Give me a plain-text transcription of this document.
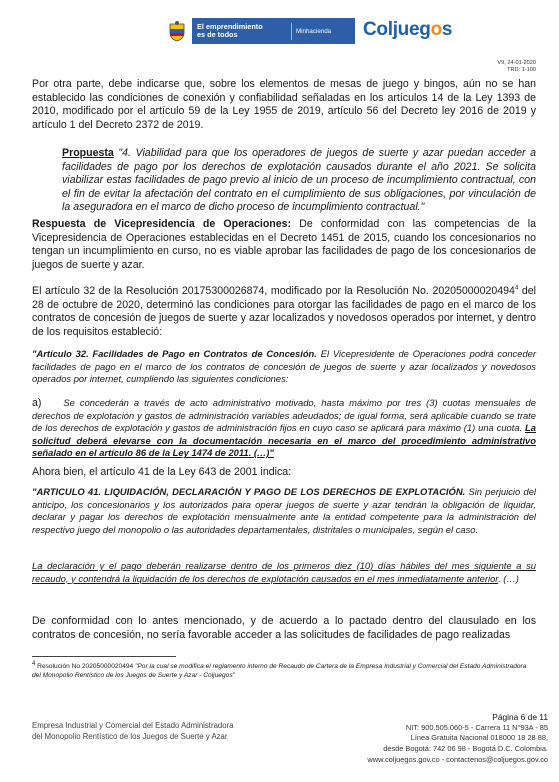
El emprendimiento
es de todos	Minhacienda Coljuegos
V9, 24-01-2020
TRD: 1-100
Por otra parte, debe indicarse que, sobre los elementos de mesas de juego y bingos, aún no se han establecido las condiciones de conexión y confiabilidad señaladas en los artículos 14 de la Ley 1393 de 2010, modificado por el artículo 59 de la Ley 1955 de 2019, artículo 56 del Decreto ley 2016 de 2019 y artículo 1 del Decreto 2372 de 2019.
Propuesta "4. Viabilidad para que los operadores de juegos de suerte y azar puedan acceder a facilidades de pago por los derechos de explotación causados durante el año 2021. Se solicita viabilizar estas facilidades de pago previo al inicio de un proceso de incumplimiento contractual, con el fin de evitar la afectación del contrato en el cumplimiento de sus obligaciones, por vinculación de la aseguradora en el marco de dicho proceso de incumplimiento contractual."
Respuesta de Vicepresidencia de Operaciones: De conformidad con las competencias de la Vicepresidencia de Operaciones establecidas en el Decreto 1451 de 2015, cuando los concesionarios no tengan un incumplimiento en curso, no es viable aprobar las facilidades de pago de los concesionarios de juegos de suerte y azar.
El artículo 32 de la Resolución 20175300026874, modificado por la Resolución No. 20205000020494$^4$ del 28 de octubre de 2020, determinó las condiciones para otorgar las facilidades de pago en el marco de los contratos de concesión de juegos de suerte y azar localizados y novedosos operados por internet, y dentro de los requisitos estableció:
"Artículo 32. Facilidades de Pago en Contratos de Concesión. El Vicepresidente de Operaciones podrá conceder facilidades de pago en el marco de los contratos de concesión de juegos de suerte y azar localizados y novedosos operados por internet, cumpliendo las siguientes condiciones:
a) Se concederán a través de acto administrativo motivado, hasta máximo por tres (3) cuotas mensuales de derechos de explotación y gastos de administración variables adeudados; de igual forma, será aplicable cuando se trate de los derechos de explotación y gastos de administración fijos en cuyo caso se aplicará para máximo (1) una cuota. La solicitud deberá elevarse con la documentación necesaria en el marco del procedimiento administrativo señalado en el artículo 86 de la Ley 1474 de 2011. (…)"
Ahora bien, el artículo 41 de la Ley 643 de 2001 indica:
"ARTICULO 41. LIQUIDACIÓN, DECLARACIÓN Y PAGO DE LOS DERECHOS DE EXPLOTACIÓN. Sin perjuicio del anticipo, los concesionarios y los autorizados para operar juegos de suerte y azar tendrán la obligación de liquidar, declarar y pagar los derechos de explotación mensualmente ante la entidad competente para la administración del respectivo juego del monopolio o las autoridades departamentales, distritales o municipales, según el caso.
La declaración y el pago deberán realizarse dentro de los primeros diez (10) días hábiles del mes siguiente a su recaudo, y contendrá la liquidación de los derechos de explotación causados en el mes inmediatamente anterior. (…)
De conformidad con lo antes mencionado, y de acuerdo a lo pactado dentro del clausulado en los contratos de concesión, no sería favorable acceder a las solicitudes de facilidades de pago realizadas
$^4$ Resolución No 20205000020494 "Por la cual se modifica el reglamento interno de Recaudo de Cartera de la Empresa Industrial y Comercial del Estado Administradora del Monopolio Rentístico de los Juegos de Suerte y Azar - Coljuegos"
Empresa Industrial y Comercial del Estado Administradora
del Monopolio Rentístico de los Juegos de Suerte y Azar
Página 6 de 11
NIT: 900.505.060-5 - Carrera 11 N°93A - 85
Línea Gratuita Nacional 018000 18 28 88,
desde Bogotá: 742 06 98 - Bogotá D.C. Colombia.
www.coljuegos.gov.co - contactenos@coljuegos.gov.co
